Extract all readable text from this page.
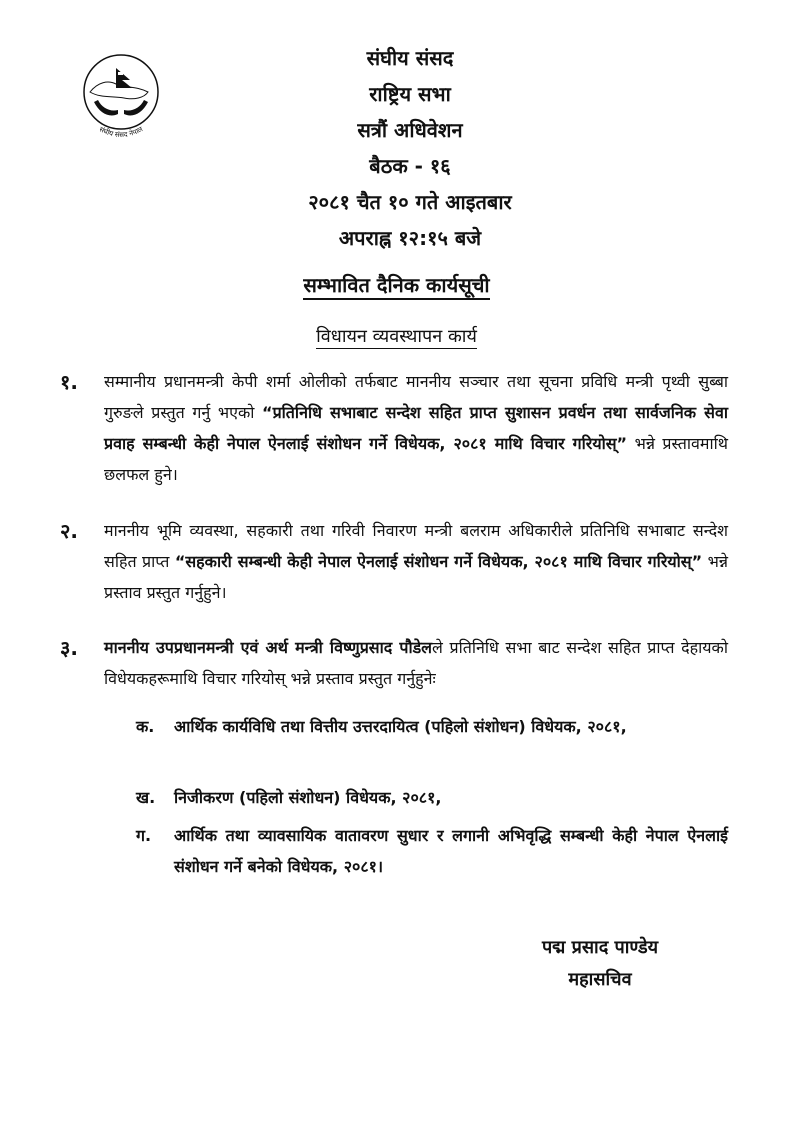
संघीय संसद नेपाल
संघीय संसद
राष्ट्रिय सभा
सत्रौं अधिवेशन
बैठक - १६
२०८१ चैत १० गते आइतबार
अपराह्न १२:१५ बजे
सम्भावित दैनिक कार्यसूची
विधायन व्यवस्थापन कार्य
१. सम्मानीय प्रधानमन्त्री केपी शर्मा ओलीको तर्फबाट माननीय सञ्चार तथा सूचना प्रविधि मन्त्री पृथ्वी सुब्बा गुरुङले प्रस्तुत गर्नु भएको “प्रतिनिधि सभाबाट सन्देश सहित प्राप्त सुशासन प्रवर्धन तथा सार्वजनिक सेवा प्रवाह सम्बन्धी केही नेपाल ऐनलाई संशोधन गर्ने विधेयक, २०८१ माथि विचार गरियोस्” भन्ने प्रस्तावमाथि छलफल हुने।
२. माननीय भूमि व्यवस्था, सहकारी तथा गरिवी निवारण मन्त्री बलराम अधिकारीले प्रतिनिधि सभाबाट सन्देश सहित प्राप्त “सहकारी सम्बन्धी केही नेपाल ऐनलाई संशोधन गर्ने विधेयक, २०८१ माथि विचार गरियोस्” भन्ने प्रस्ताव प्रस्तुत गर्नुहुने।
३. माननीय उपप्रधानमन्त्री एवं अर्थ मन्त्री विष्णुप्रसाद पौडेलले प्रतिनिधि सभा बाट सन्देश सहित प्राप्त देहायको विधेयकहरूमाथि विचार गरियोस् भन्ने प्रस्ताव प्रस्तुत गर्नुहुनेः
क. आर्थिक कार्यविधि तथा वित्तीय उत्तरदायित्व (पहिलो संशोधन) विधेयक, २०८१,
ख. निजीकरण (पहिलो संशोधन) विधेयक, २०८१,
ग. आर्थिक तथा व्यावसायिक वातावरण सुधार र लगानी अभिवृद्धि सम्बन्धी केही नेपाल ऐनलाई संशोधन गर्ने बनेको विधेयक, २०८१।
पद्म प्रसाद पाण्डेय
महासचिव
